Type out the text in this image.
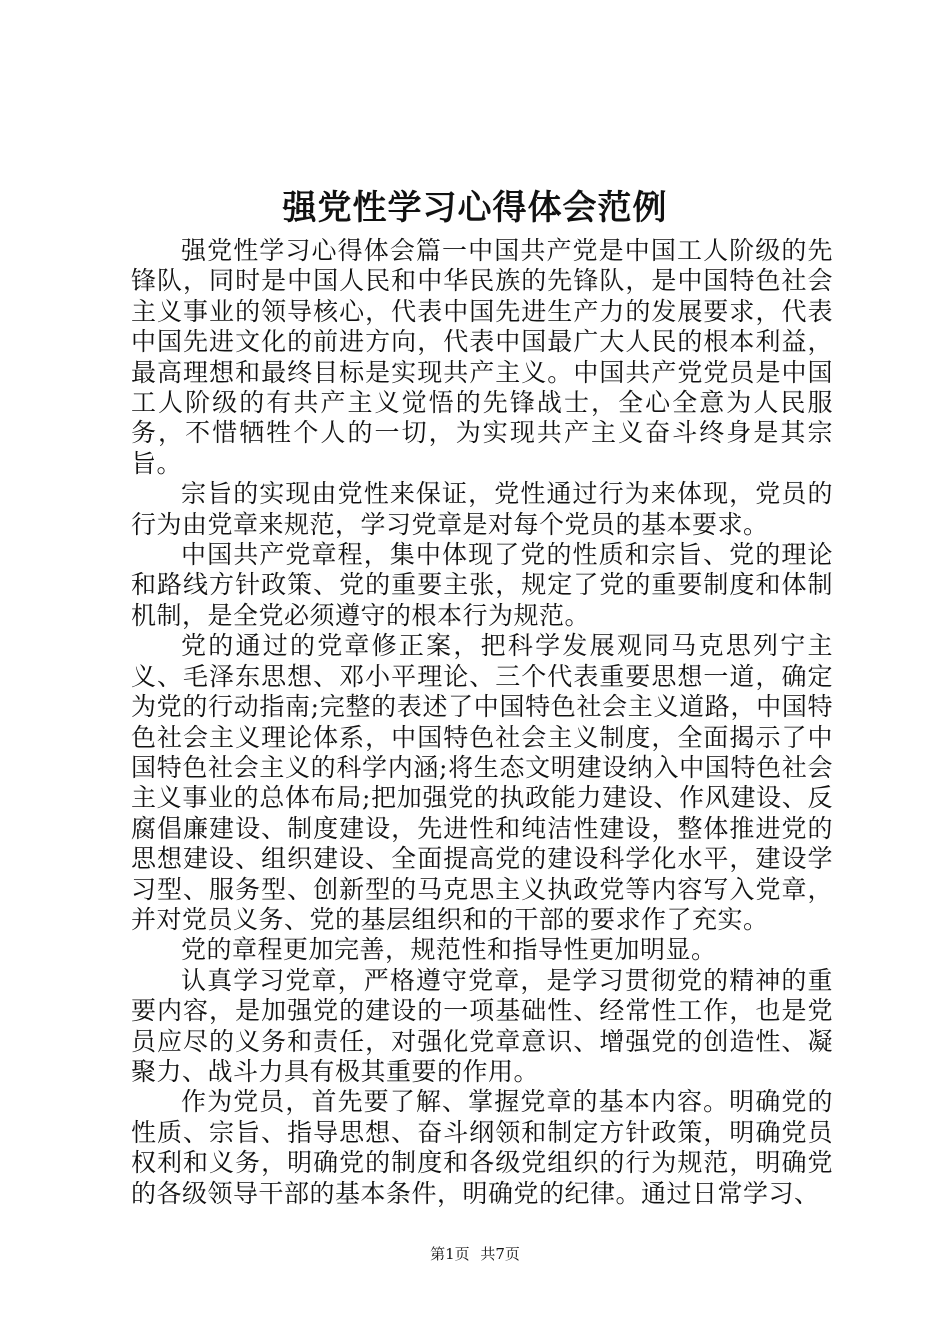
强党性学习心得体会范例

强党性学习心得体会篇一中国共产党是中国工人阶级的先锋队，同时是中国人民和中华民族的先锋队，是中国特色社会主义事业的领导核心，代表中国先进生产力的发展要求，代表中国先进文化的前进方向，代表中国最广大人民的根本利益，最高理想和最终目标是实现共产主义。中国共产党党员是中国工人阶级的有共产主义觉悟的先锋战士，全心全意为人民服务，不惜牺牲个人的一切，为实现共产主义奋斗终身是其宗旨。

宗旨的实现由党性来保证，党性通过行为来体现，党员的行为由党章来规范，学习党章是对每个党员的基本要求。

中国共产党章程，集中体现了党的性质和宗旨、党的理论和路线方针政策、党的重要主张，规定了党的重要制度和体制机制，是全党必须遵守的根本行为规范。

党的通过的党章修正案，把科学发展观同马克思列宁主义、毛泽东思想、邓小平理论、三个代表重要思想一道，确定为党的行动指南;完整的表述了中国特色社会主义道路，中国特色社会主义理论体系，中国特色社会主义制度，全面揭示了中国特色社会主义的科学内涵;将生态文明建设纳入中国特色社会主义事业的总体布局;把加强党的执政能力建设、作风建设、反腐倡廉建设、制度建设，先进性和纯洁性建设，整体推进党的思想建设、组织建设、全面提高党的建设科学化水平，建设学习型、服务型、创新型的马克思主义执政党等内容写入党章，并对党员义务、党的基层组织和的干部的要求作了充实。

党的章程更加完善，规范性和指导性更加明显。

认真学习党章，严格遵守党章，是学习贯彻党的精神的重要内容，是加强党的建设的一项基础性、经常性工作，也是党员应尽的义务和责任，对强化党章意识、增强党的创造性、凝聚力、战斗力具有极其重要的作用。

作为党员，首先要了解、掌握党章的基本内容。明确党的性质、宗旨、指导思想、奋斗纲领和制定方针政策，明确党员权利和义务，明确党的制度和各级党组织的行为规范，明确党的各级领导干部的基本条件，明确党的纪律。通过日常学习、

第1页 共7页
